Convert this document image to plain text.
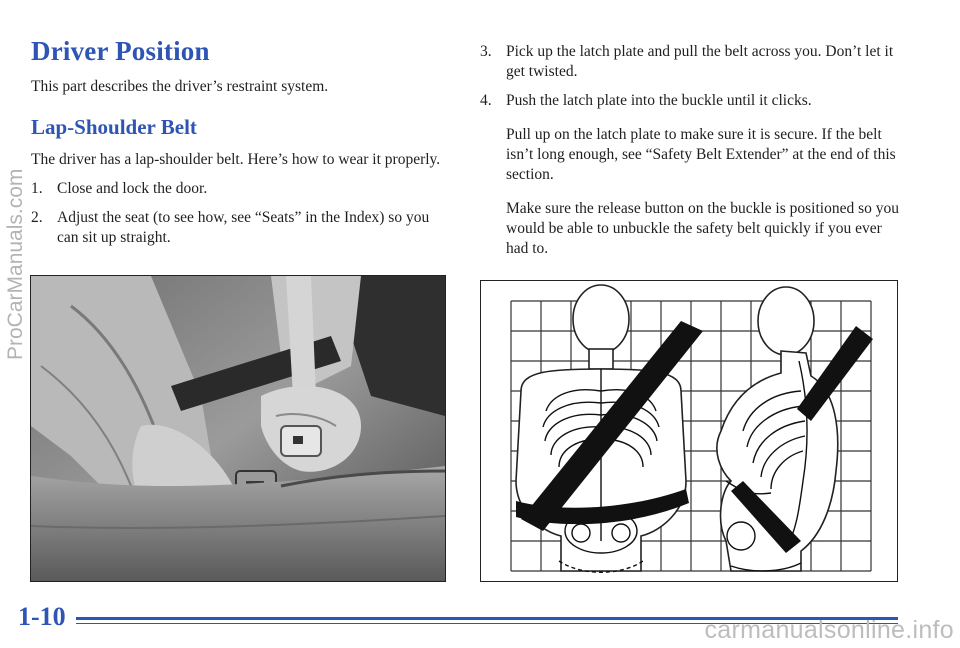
Driver Position

This part describes the driver’s restraint system.

Lap-Shoulder Belt

The driver has a lap-shoulder belt. Here’s how to wear it properly.

1. Close and lock the door.
2. Adjust the seat (to see how, see “Seats” in the Index) so you can sit up straight.
3. Pick up the latch plate and pull the belt across you. Don’t let it get twisted.
4. Push the latch plate into the buckle until it clicks.

Pull up on the latch plate to make sure it is secure. If the belt isn’t long enough, see “Safety Belt Extender” at the end of this section.

Make sure the release button on the buckle is positioned so you would be able to unbuckle the safety belt quickly if you ever had to.

1-10
ProCarManuals.com
carmanualsonline.info
